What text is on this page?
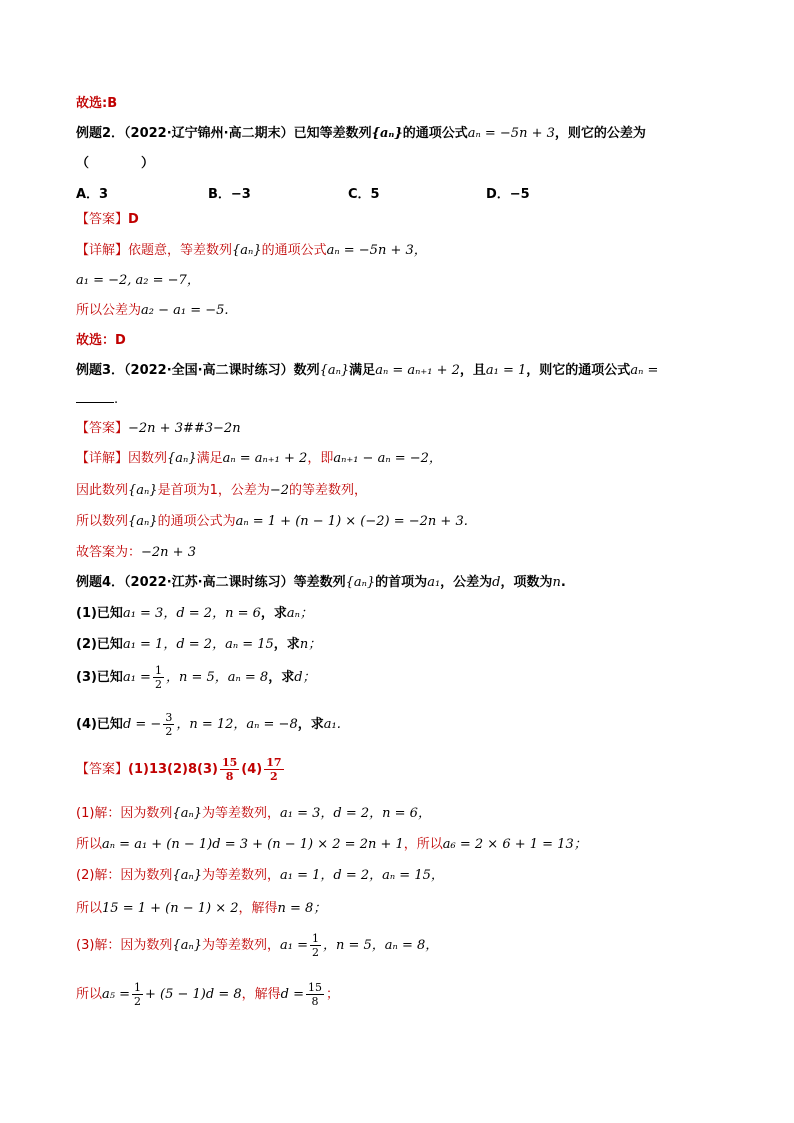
故选:B
例题2．（2022·辽宁锦州·高二期末）已知等差数列{aₙ}的通项公式aₙ = −5n + 3，则它的公差为
（　　　　）
A．3	B．−3	C．5	D．−5
【答案】D
【详解】依题意，等差数列{aₙ}的通项公式aₙ = −5n + 3，
a₁ = −2, a₂ = −7，
所以公差为a₂ − a₁ = −5.
故选：D
例题3．（2022·全国·高二课时练习）数列{aₙ}满足aₙ = aₙ₊₁ + 2，且a₁ = 1，则它的通项公式aₙ =
.
【答案】−2n + 3##3−2n
【详解】因数列{aₙ}满足aₙ = aₙ₊₁ + 2，即aₙ₊₁ − aₙ = −2，
因此数列{aₙ}是首项为1，公差为−2的等差数列，
所以数列{aₙ}的通项公式为aₙ = 1 + (n − 1) × (−2) = −2n + 3.
故答案为：−2n + 3
例题4．（2022·江苏·高二课时练习）等差数列{aₙ}的首项为a₁，公差为d，项数为n.
(1)已知a₁ = 3，d = 2，n = 6，求aₙ；
(2)已知a₁ = 1，d = 2，aₙ = 15，求n；
(3)已知$a_1 = \frac{1}{2}$ ，n = 5，aₙ = 8，求d；
(4)已知d = − $\frac{3}{2}$ ，n = 12，aₙ = −8，求a₁.
【答案】$(1)13(2)8(3) \frac{15}{8} (4) \frac{17}{2}$
(1)解：因为数列{aₙ}为等差数列，a₁ = 3，d = 2，n = 6，
所以aₙ = a₁ + (n − 1)d = 3 + (n − 1) × 2 = 2n + 1，所以a₆ = 2 × 6 + 1 = 13；
(2)解：因为数列{aₙ}为等差数列，a₁ = 1，d = 2，aₙ = 15，
所以15 = 1 + (n − 1) × 2，解得n = 8；
(3)解：因为数列{aₙ}为等差数列，$a_1 = \frac{1}{2}$ ，n = 5，aₙ = 8，
所以$a_5 = \frac{1}{2} + (5 - 1)d = 8$，解得$d = \frac{15}{8}$ ；
